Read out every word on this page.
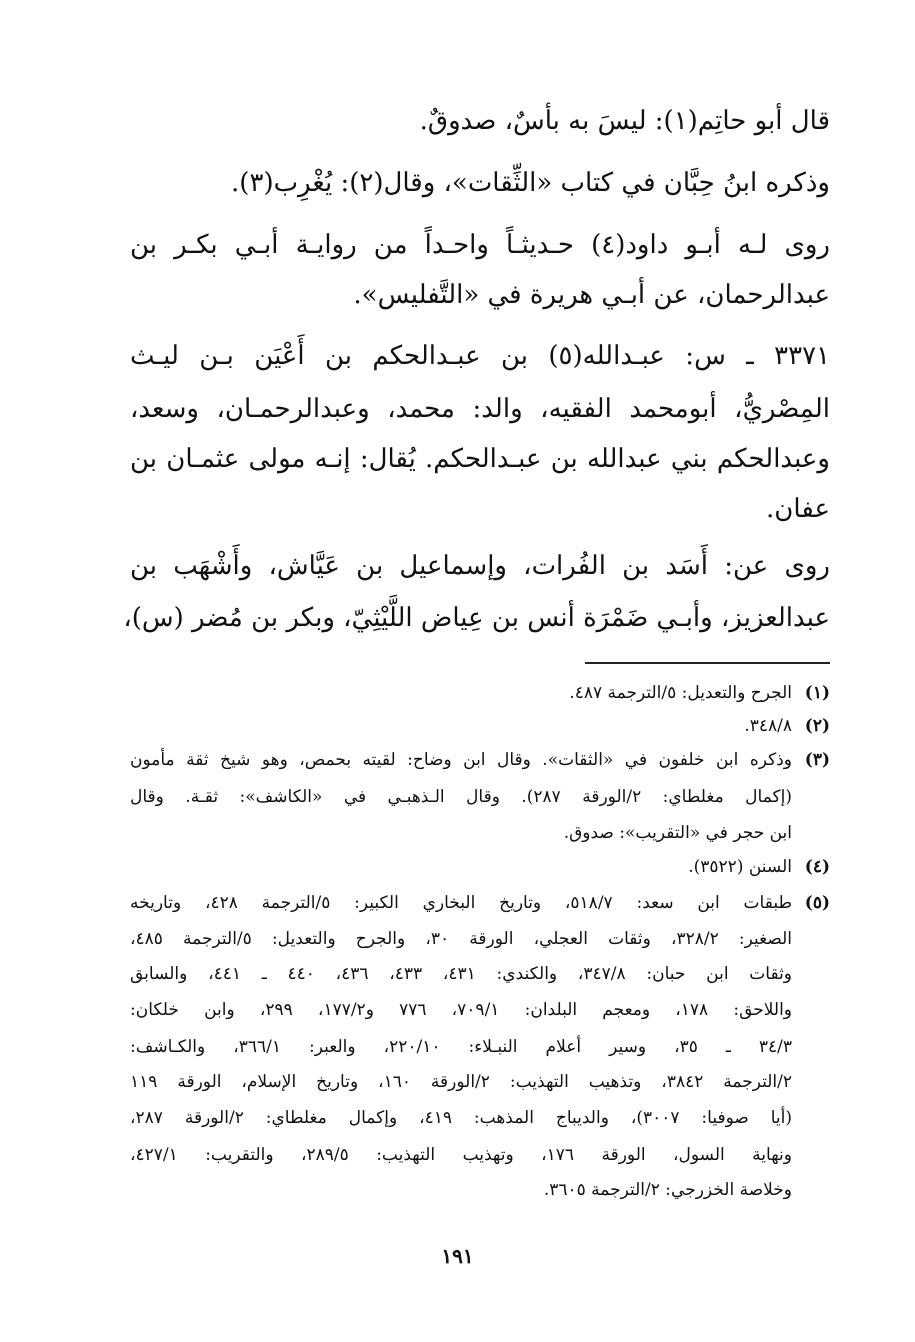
قال أبو حاتِم(١): ليسَ به بأسٌ، صدوقٌ.
وذكره ابنُ حِبَّان في كتاب «الثِّقات»، وقال(٢): يُغْرِب(٣).
روى لـه أبـو داود(٤) حـديثـاً واحـداً من روايـة أبـي بكـر بن
عبدالرحمان، عن أبـي هريرة في «التَّفليس».
٣٣٧١ ـ س: عبـدالله(٥) بن عبـدالحكم بن أَعْيَن بـن ليـث
المِصْريُّ، أبومحمد الفقيه، والد: محمد، وعبدالرحمـان، وسعد،
وعبدالحكم بني عبدالله بن عبـدالحكم. يُقال: إنـه مولى عثمـان بن
عفان.
روى عن: أَسَد بن الفُرات، وإسماعيل بن عَيَّاش، وأَشْهَب بن
عبدالعزيز، وأبـي ضَمْرَة أنس بن عِياض اللَّيْثِيّ، وبكر بن مُضر (س)،
(١)
الجرح والتعديل: ٥/الترجمة ٤٨٧.
(٢)
٣٤٨/٨.
(٣)
وذكره ابن خلفون في «الثقات». وقال ابن وضاح: لقيته بحمص، وهو شيخ ثقة مأمون
(إكمال مغلطاي: ٢/الورقة ٢٨٧). وقال الـذهبـي في «الكاشف»: ثقـة. وقال
ابن حجر في «التقريب»: صدوق.
(٤)
السنن (٣٥٢٢).
(٥)
طبقات ابن سعد: ٥١٨/٧، وتاريخ البخاري الكبير: ٥/الترجمة ٤٢٨، وتاريخه
الصغير: ٣٢٨/٢، وثقات العجلي، الورقة ٣٠، والجرح والتعديل: ٥/الترجمة ٤٨٥،
وثقات ابن حبان: ٣٤٧/٨، والكندي: ٤٣١، ٤٣٣، ٤٣٦، ٤٤٠ ـ ٤٤١، والسابق
واللاحق: ١٧٨، ومعجم البلدان: ٧٠٩/١، ٧٧٦ و١٧٧/٢، ٢٩٩، وابن خلكان:
٣٤/٣ ـ ٣٥، وسير أعلام النبـلاء: ٢٢٠/١٠، والعبر: ٣٦٦/١، والكـاشف:
٢/الترجمة ٣٨٤٢، وتذهيب التهذيب: ٢/الورقة ١٦٠، وتاريخ الإسلام، الورقة ١١٩
(أيا صوفيا: ٣٠٠٧)، والديباج المذهب: ٤١٩، وإكمال مغلطاي: ٢/الورقة ٢٨٧،
ونهاية السول، الورقة ١٧٦، وتهذيب التهذيب: ٢٨٩/٥، والتقريب: ٤٢٧/١،
وخلاصة الخزرجي: ٢/الترجمة ٣٦٠٥.
١٩١
